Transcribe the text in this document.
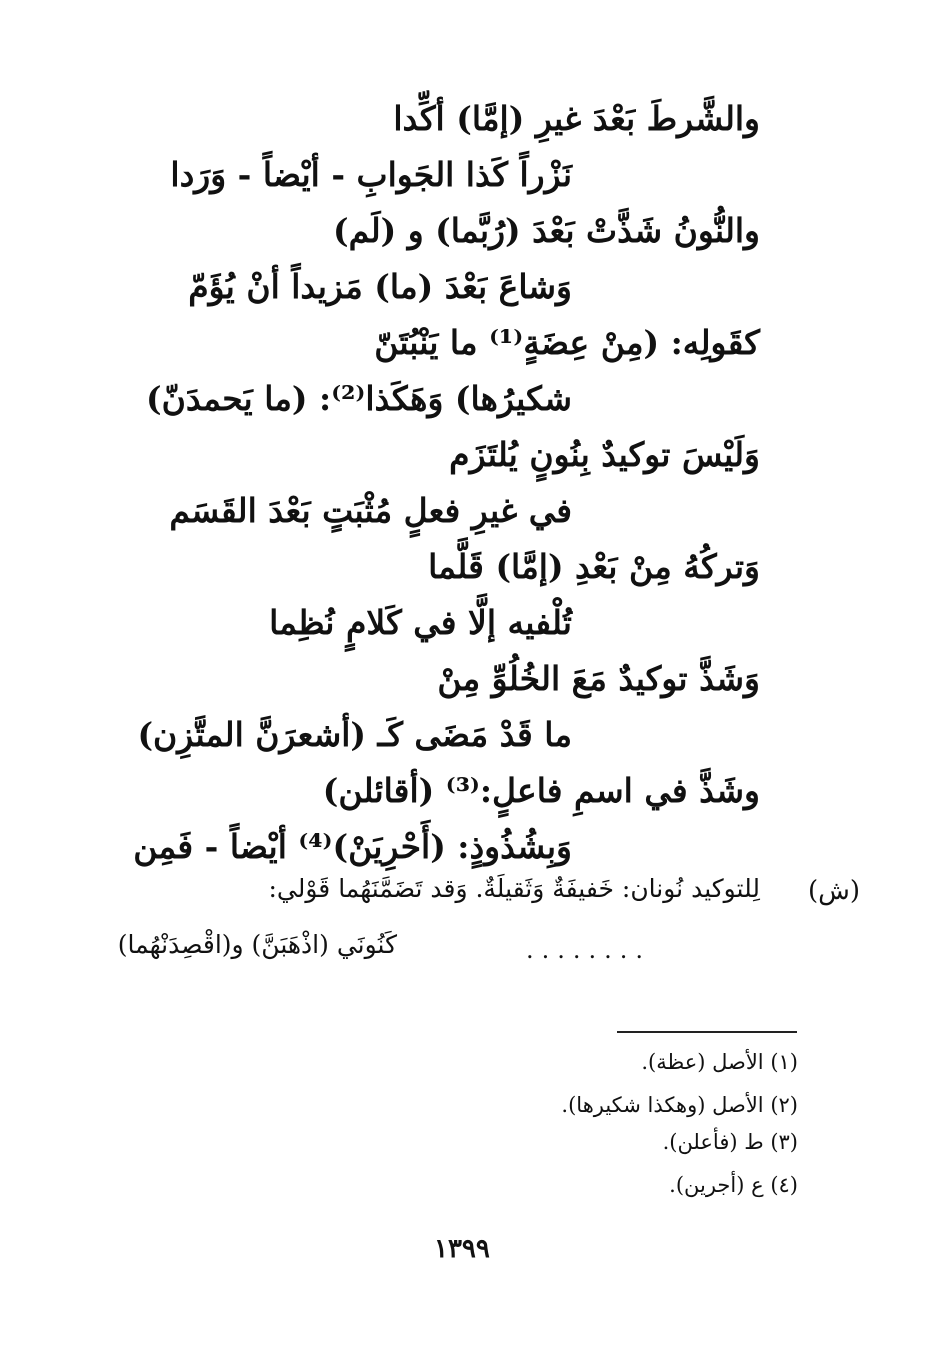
والشَّرطَ بَعْدَ غيرِ (إمَّا) أكِّدا
نَزْراً كَذا الجَوابِ - أيْضاً - وَرَدا
والنُّونُ شَذَّتْ بَعْدَ (رُبَّما) و (لَم)
وَشاعَ بَعْدَ (ما) مَزيداً أنْ يُؤَمّ
كقَولِه: (مِنْ عِضَةٍ⁽¹⁾ ما يَنْبُتَنّ
شكيرُها) وَهَكَذا⁽²⁾: (ما يَحمدَنّ)
وَلَيْسَ توكيدٌ بِنُونٍ يُلتَزَم
في غيرِ فعلٍ مُثْبَتٍ بَعْدَ القَسَم
وَتركُهُ مِنْ بَعْدِ (إمَّا) قَلَّما
تُلْفيه إلَّا في كَلامٍ نُظِما
وَشَذَّ توكيدٌ مَعَ الخُلُوِّ مِنْ
ما قَدْ مَضَى كَـ (أشعرَنَّ المتَّزِن)
وشَذَّ في اسمِ فاعلٍ:⁽³⁾ (أقائلن)
وَبِشُذُوذٍ: (أَحْرِيَنْ)⁽⁴⁾ أيْضاً - فَمِن
(ش)
لِلتوكيد نُونان: خَفيفَةٌ وَثَقيلَةٌ. وَقد تَضَمَّنَهُما قَوْلي:
........
كَنُونَي (اذْهَبَنَّ) و(اقْصِدَنْهُما)
(١) الأصل (عظة).
(٢) الأصل (وهكذا شكيرها).
(٣) ط (فأعلن).
(٤) ع (أجرين).
١٣٩٩
